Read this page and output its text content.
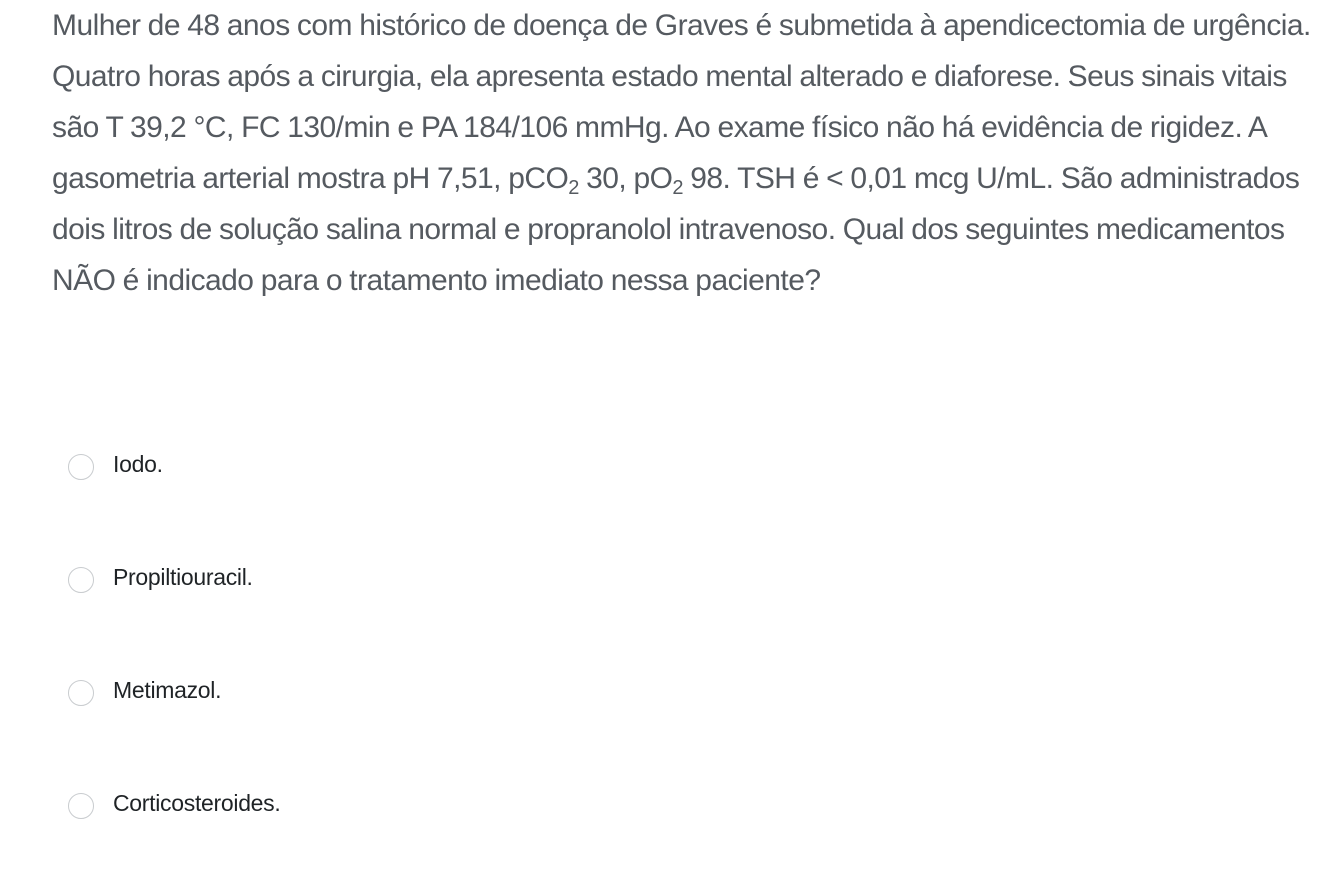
Mulher de 48 anos com histórico de doença de Graves é submetida à apendicectomia de urgência. Quatro horas após a cirurgia, ela apresenta estado mental alterado e diaforese. Seus sinais vitais são T 39,2 °C, FC 130/min e PA 184/106 mmHg. Ao exame físico não há evidência de rigidez. A gasometria arterial mostra pH 7,51, pCO$_2$ 30, $pO_2$ 98. TSH é < 0,01 mcg U/mL. São administrados dois litros de solução salina normal e propranolol intravenoso. Qual dos seguintes medicamentos NÃO é indicado para o tratamento imediato nessa paciente?
Iodo.
Propiltiouracil.
Metimazol.
Corticosteroides.
